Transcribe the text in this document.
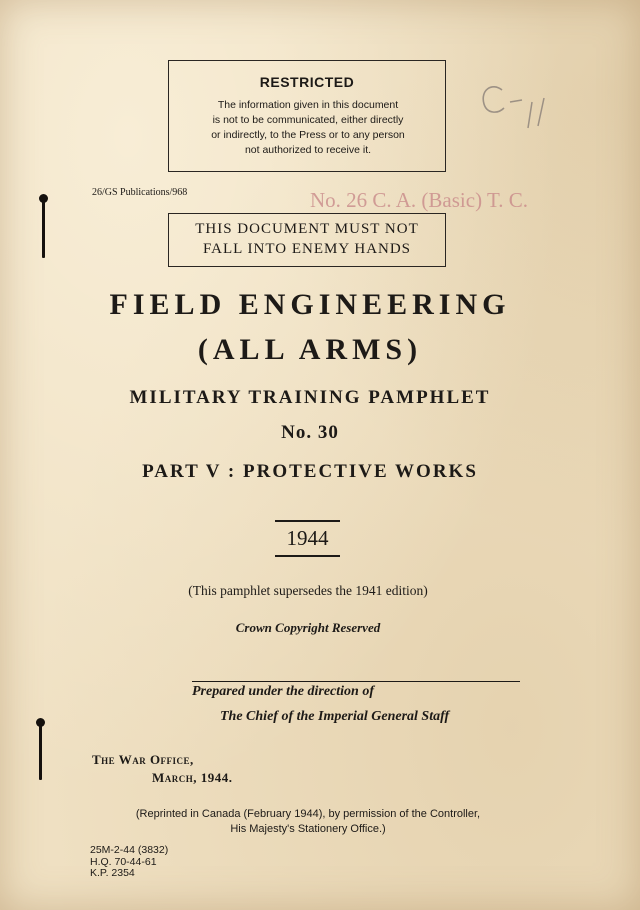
RESTRICTED
The information given in this document
is not to be communicated, either directly
or indirectly, to the Press or to any person
not authorized to receive it.
26/GS Publications/968	No. 26 C. A. (Basic) T. C.
THIS DOCUMENT MUST NOT
FALL INTO ENEMY HANDS
FIELD ENGINEERING
(ALL ARMS)
MILITARY TRAINING PAMPHLET
No. 30
PART V : PROTECTIVE WORKS
1944
(This pamphlet supersedes the 1941 edition)
Crown Copyright Reserved
Prepared under the direction of
The Chief of the Imperial General Staff
The War Office,
March, 1944.
(Reprinted in Canada (February 1944), by permission of the Controller,
His Majesty's Stationery Office.)
25M-2-44 (3832)
H.Q. 70-44-61
K.P. 2354
